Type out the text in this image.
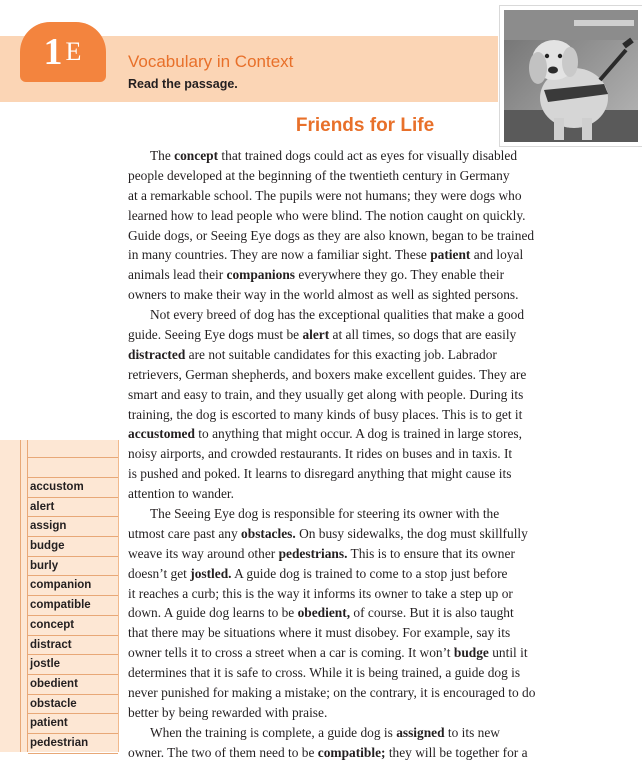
1 E	Vocabulary in Context
Read the passage.
Friends for Life
The concept that trained dogs could act as eyes for visually disabled
people developed at the beginning of the twentieth century in Germany
at a remarkable school. The pupils were not humans; they were dogs who
learned how to lead people who were blind. The notion caught on quickly.
Guide dogs, or Seeing Eye dogs as they are also known, began to be trained
in many countries. They are now a familiar sight. These patient and loyal
animals lead their companions everywhere they go. They enable their
owners to make their way in the world almost as well as sighted persons.
Not every breed of dog has the exceptional qualities that make a good
guide. Seeing Eye dogs must be alert at all times, so dogs that are easily
distracted are not suitable candidates for this exacting job. Labrador
retrievers, German shepherds, and boxers make excellent guides. They are
smart and easy to train, and they usually get along with people. During its
training, the dog is escorted to many kinds of busy places. This is to get it
accustomed to anything that might occur. A dog is trained in large stores,
noisy airports, and crowded restaurants. It rides on buses and in taxis. It
is pushed and poked. It learns to disregard anything that might cause its
attention to wander.
The Seeing Eye dog is responsible for steering its owner with the
utmost care past any obstacles. On busy sidewalks, the dog must skillfully
weave its way around other pedestrians. This is to ensure that its owner
doesn’t get jostled. A guide dog is trained to come to a stop just before
it reaches a curb; this is the way it informs its owner to take a step up or
down. A guide dog learns to be obedient, of course. But it is also taught
that there may be situations where it must disobey. For example, say its
owner tells it to cross a street when a car is coming. It won’t budge until it
determines that it is safe to cross. While it is being trained, a guide dog is
never punished for making a mistake; on the contrary, it is encouraged to do
better by being rewarded with praise.
When the training is complete, a guide dog is assigned to its new
owner. The two of them need to be compatible; they will be together for a
accustom
alert
assign
budge
burly
companion
compatible
concept
distract
jostle
obedient
obstacle
patient
pedestrian
